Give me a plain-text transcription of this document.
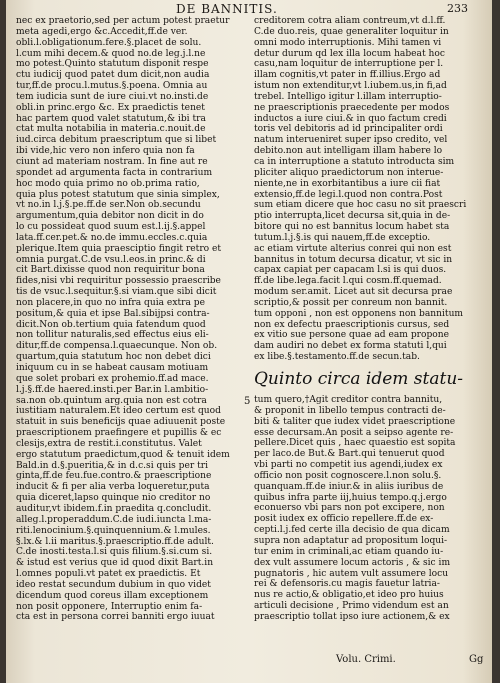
DE BANNITIS.	233
nec ex praetorio,sed per actum potest praetur
meta agedi,ergo &c.Accedit,ff.de ver.
obli.l.obligationum.fere.§.placet de solu.
l.cum mihi decem.& quod no.de leg.j.l.ne
mo potest.Quinto statutum disponit respe
ctu iudicij quod patet dum dicit,non audia
tur,ff.de procu.l.mutus.§.poena. Omnia au
tem iudicia sunt de iure ciui.vt no.insti.de
obli.in princ.ergo &c. Ex praedictis tenet
hac partem quod valet statutum,& ibi tra
ctat multa notabilia in materia.c.nouit.de
iud.circa debitum praescriptum que si libet
ibi vide,hic vero non infero quia non fa
ciunt ad materiam nostram. In fine aut re
spondet ad argumenta facta in contrarium
hoc modo quia primo no ob.prima ratio,
quia plus potest statutum que sinia simplex,
vt no.in l.j.§.pe.ff.de ser.Non ob.secundu
argumentum,quia debitor non dicit in do
lo cu possideat quod suum est.l.ij.§.appel
lata.ff.cer.pet.& no.de immu.eccles.c.quia
plerique.Item quia praesciptio fingit retro et
omnia purgat.C.de vsu.l.eos.in princ.& di
cit Bart.dixisse quod non requiritur bona
fides,nisi vbi requiritur possessio praescribe
tis de vsuc.l.sequitur.§.si viam.que sibi dicit
non placere,in quo no infra quia extra pe
positum,& quia et ipse Bal.sibijpsi contra-
dicit.Non ob.tertium quia fatendum quod
non tollitur naturalis,sed effectus eius eli-
ditur,ff.de compensa.l.quaecunque. Non ob.
quartum,quia statutum hoc non debet dici
iniquum cu in se habeat causam motiuam
que solet probari ex prohemio.ff.ad mace.
l.j.§.ff.de haered.insti.per Bar.in l.ambitio-
sa.non ob.quintum arg.quia non est cotra
iustitiam naturalem.Et ideo certum est quod
statuit in suis beneficijs quae adiuuenit poste
praescriptionem praefingere et pupillis & ec
clesijs,extra de restit.i.constitutus. Valet
ergo statutum praedictum,quod & tenuit idem
Bald.in d.§.pueritia,& in d.c.si quis per tri
ginta,ff.de feu.fue.contro.& praescriptione
inducit & fi per alia verba loqueretur,puta
quia diceret,lapso quinque nio creditor no
auditur,vt ibidem.f.in praedita q.concludit.
alleg.l.properaddum.C.de iudi.iuncta l.ma-
riti.lenocinium.§.quinquennium.& l.mules.
§.lx.& l.ii maritus.§.praescriptio.ff.de adult.
C.de inosti.testa.l.si quis filium.§.si.cum si.
& istud est verius que id quod dixit Bart.in
l.omnes populi.vt patet ex praedictis. Et
ideo restat secundum dubium in quo videt
dicendum quod coreus illam exceptionem
non posit opponere, Interruptio enim fa-
cta est in persona correi banniti ergo iuuat
creditorem cotra aliam contreum,vt d.l.ff.
C.de duo.reis, quae generaliter loquitur in
omni modo interruptionis. Mihi tamen vi
detur durum qd lex illa locum habeat hoc
casu,nam loquitur de interruptione per l.
illam cognitis,vt pater in ff.illius.Ergo ad
istum non extenditur,vt l.iubem.us,in fi,ad
trebel. Intelligo igitur l.illam interruptio-
ne praescriptionis praecedente per modos
inductos a iure ciui.& in quo factum credi
toris vel debitoris ad id principaliter ordi
natum interueniret super ipso credito, vel
debito.non aut intelligam illam habere lo
ca in interruptione a statuto introducta sim
pliciter aliquo praedictorum non interue-
niente,ne in exorbitantibus a iure cii fiat
extensio,ff.de legi.l.quod non contra.Post
sum etiam dicere que hoc casu no sit praescri
ptio interrupta,licet decursa sit,quia in de-
bitore qui no est bannitus locum habet sta
tutum.l.j.§.is qui nauem,ff.de exceptio.
ac etiam virtute alterius conrei qui non est
bannitus in totum decursa dicatur, vt sic in
capax capiat per capacam l.si is qui duos.
ff.de libe.lega.facit l.qui cosm.ff.quemad.
modum ser.amit. Licet aut sit decursa prae
scriptio,& possit per conreum non bannit.
tum opponi , non est opponens non bannitum
non ex defectu praescriptionis cursus, sed
ex vitio sue persone quae ad eam propone
dam audiri no debet ex forma statuti l,qui
ex libe.§.testamento.ff.de secun.tab.
Quinto circa idem statu-
tum quero,†Agit creditor contra bannitu,
& proponit in libello tempus contracti de-
biti & taliter que iudex videt praescriptione
esse decursam.An posit a seipso agente re-
pellere.Dicet quis , haec quaestio est sopita
per laco.de But.& Bart.qui tenuerut quod
vbi parti no competit ius agendi,iudex ex
officio non posit cognoscere.l.non solu.§.
quanquam.ff.de iniur.& in aliis iuribus de
quibus infra parte iij,huius tempo.q.j.ergo
econuerso vbi pars non pot excipere, non
posit iudex ex officio repellere.ff.de ex-
cepti.l.j.fed certe illa decisio de qua dicam
supra non adaptatur ad propositum loqui-
tur enim in criminali,ac etiam quando iu-
dex vult assumere locum actoris , & sic im
pugnatoris , hic autem vult assumere locu
rei & defensoris.cu magis fauetur latria-
nus re actio,& obligatio,et ideo pro huius
articuli decisione , Primo videndum est an
praescriptio tollat ipso iure actionem,& ex
5
Volu. Crimi.	Gg
